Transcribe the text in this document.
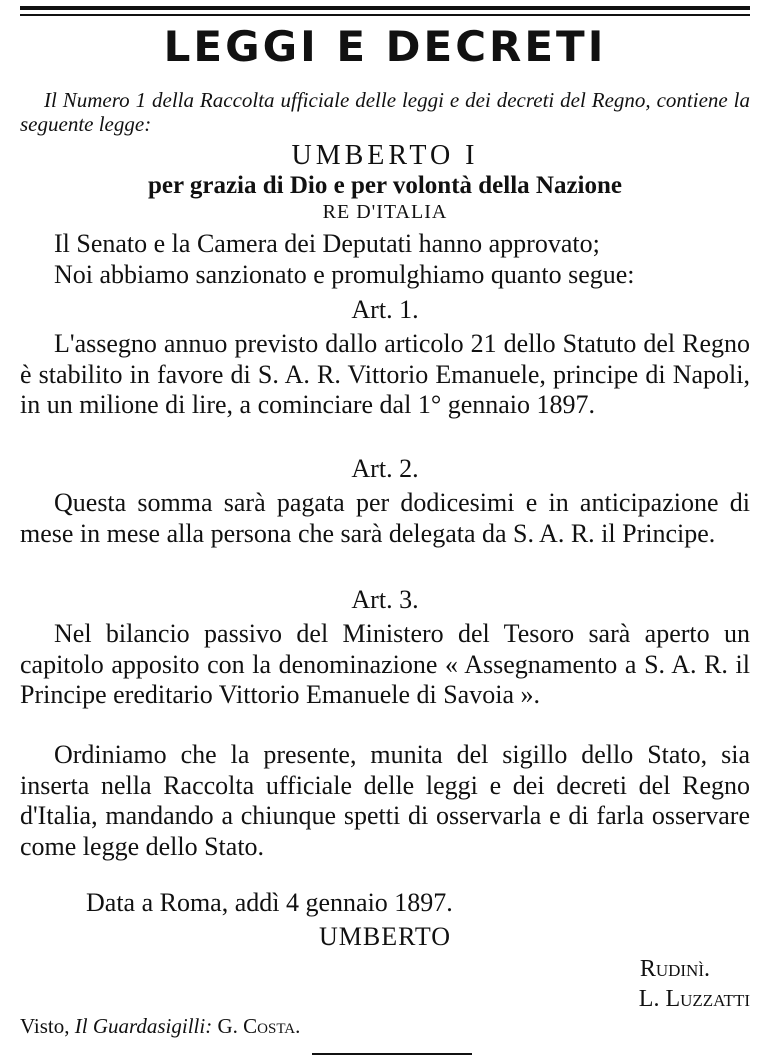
LEGGI E DECRETI
Il Numero 1 della Raccolta ufficiale delle leggi e dei decreti del Regno, contiene la seguente legge:
UMBERTO I
per grazia di Dio e per volontà della Nazione
RE D'ITALIA
Il Senato e la Camera dei Deputati hanno approvato;
Noi abbiamo sanzionato e promulghiamo quanto segue:
Art. 1.
L'assegno annuo previsto dallo articolo 21 dello Statuto del Regno è stabilito in favore di S. A. R. Vittorio Emanuele, principe di Napoli, in un milione di lire, a cominciare dal 1° gennaio 1897.
Art. 2.
Questa somma sarà pagata per dodicesimi e in anticipazione di mese in mese alla persona che sarà delegata da S. A. R. il Principe.
Art. 3.
Nel bilancio passivo del Ministero del Tesoro sarà aperto un capitolo apposito con la denominazione « Assegnamento a S. A. R. il Principe ereditario Vittorio Emanuele di Savoia ».
Ordiniamo che la presente, munita del sigillo dello Stato, sia inserta nella Raccolta ufficiale delle leggi e dei decreti del Regno d'Italia, mandando a chiunque spetti di osservarla e di farla osservare come legge dello Stato.
Data a Roma, addì 4 gennaio 1897.
UMBERTO
Rudinì.
L. Luzzatti
Visto, Il Guardasigilli: G. Costa.
